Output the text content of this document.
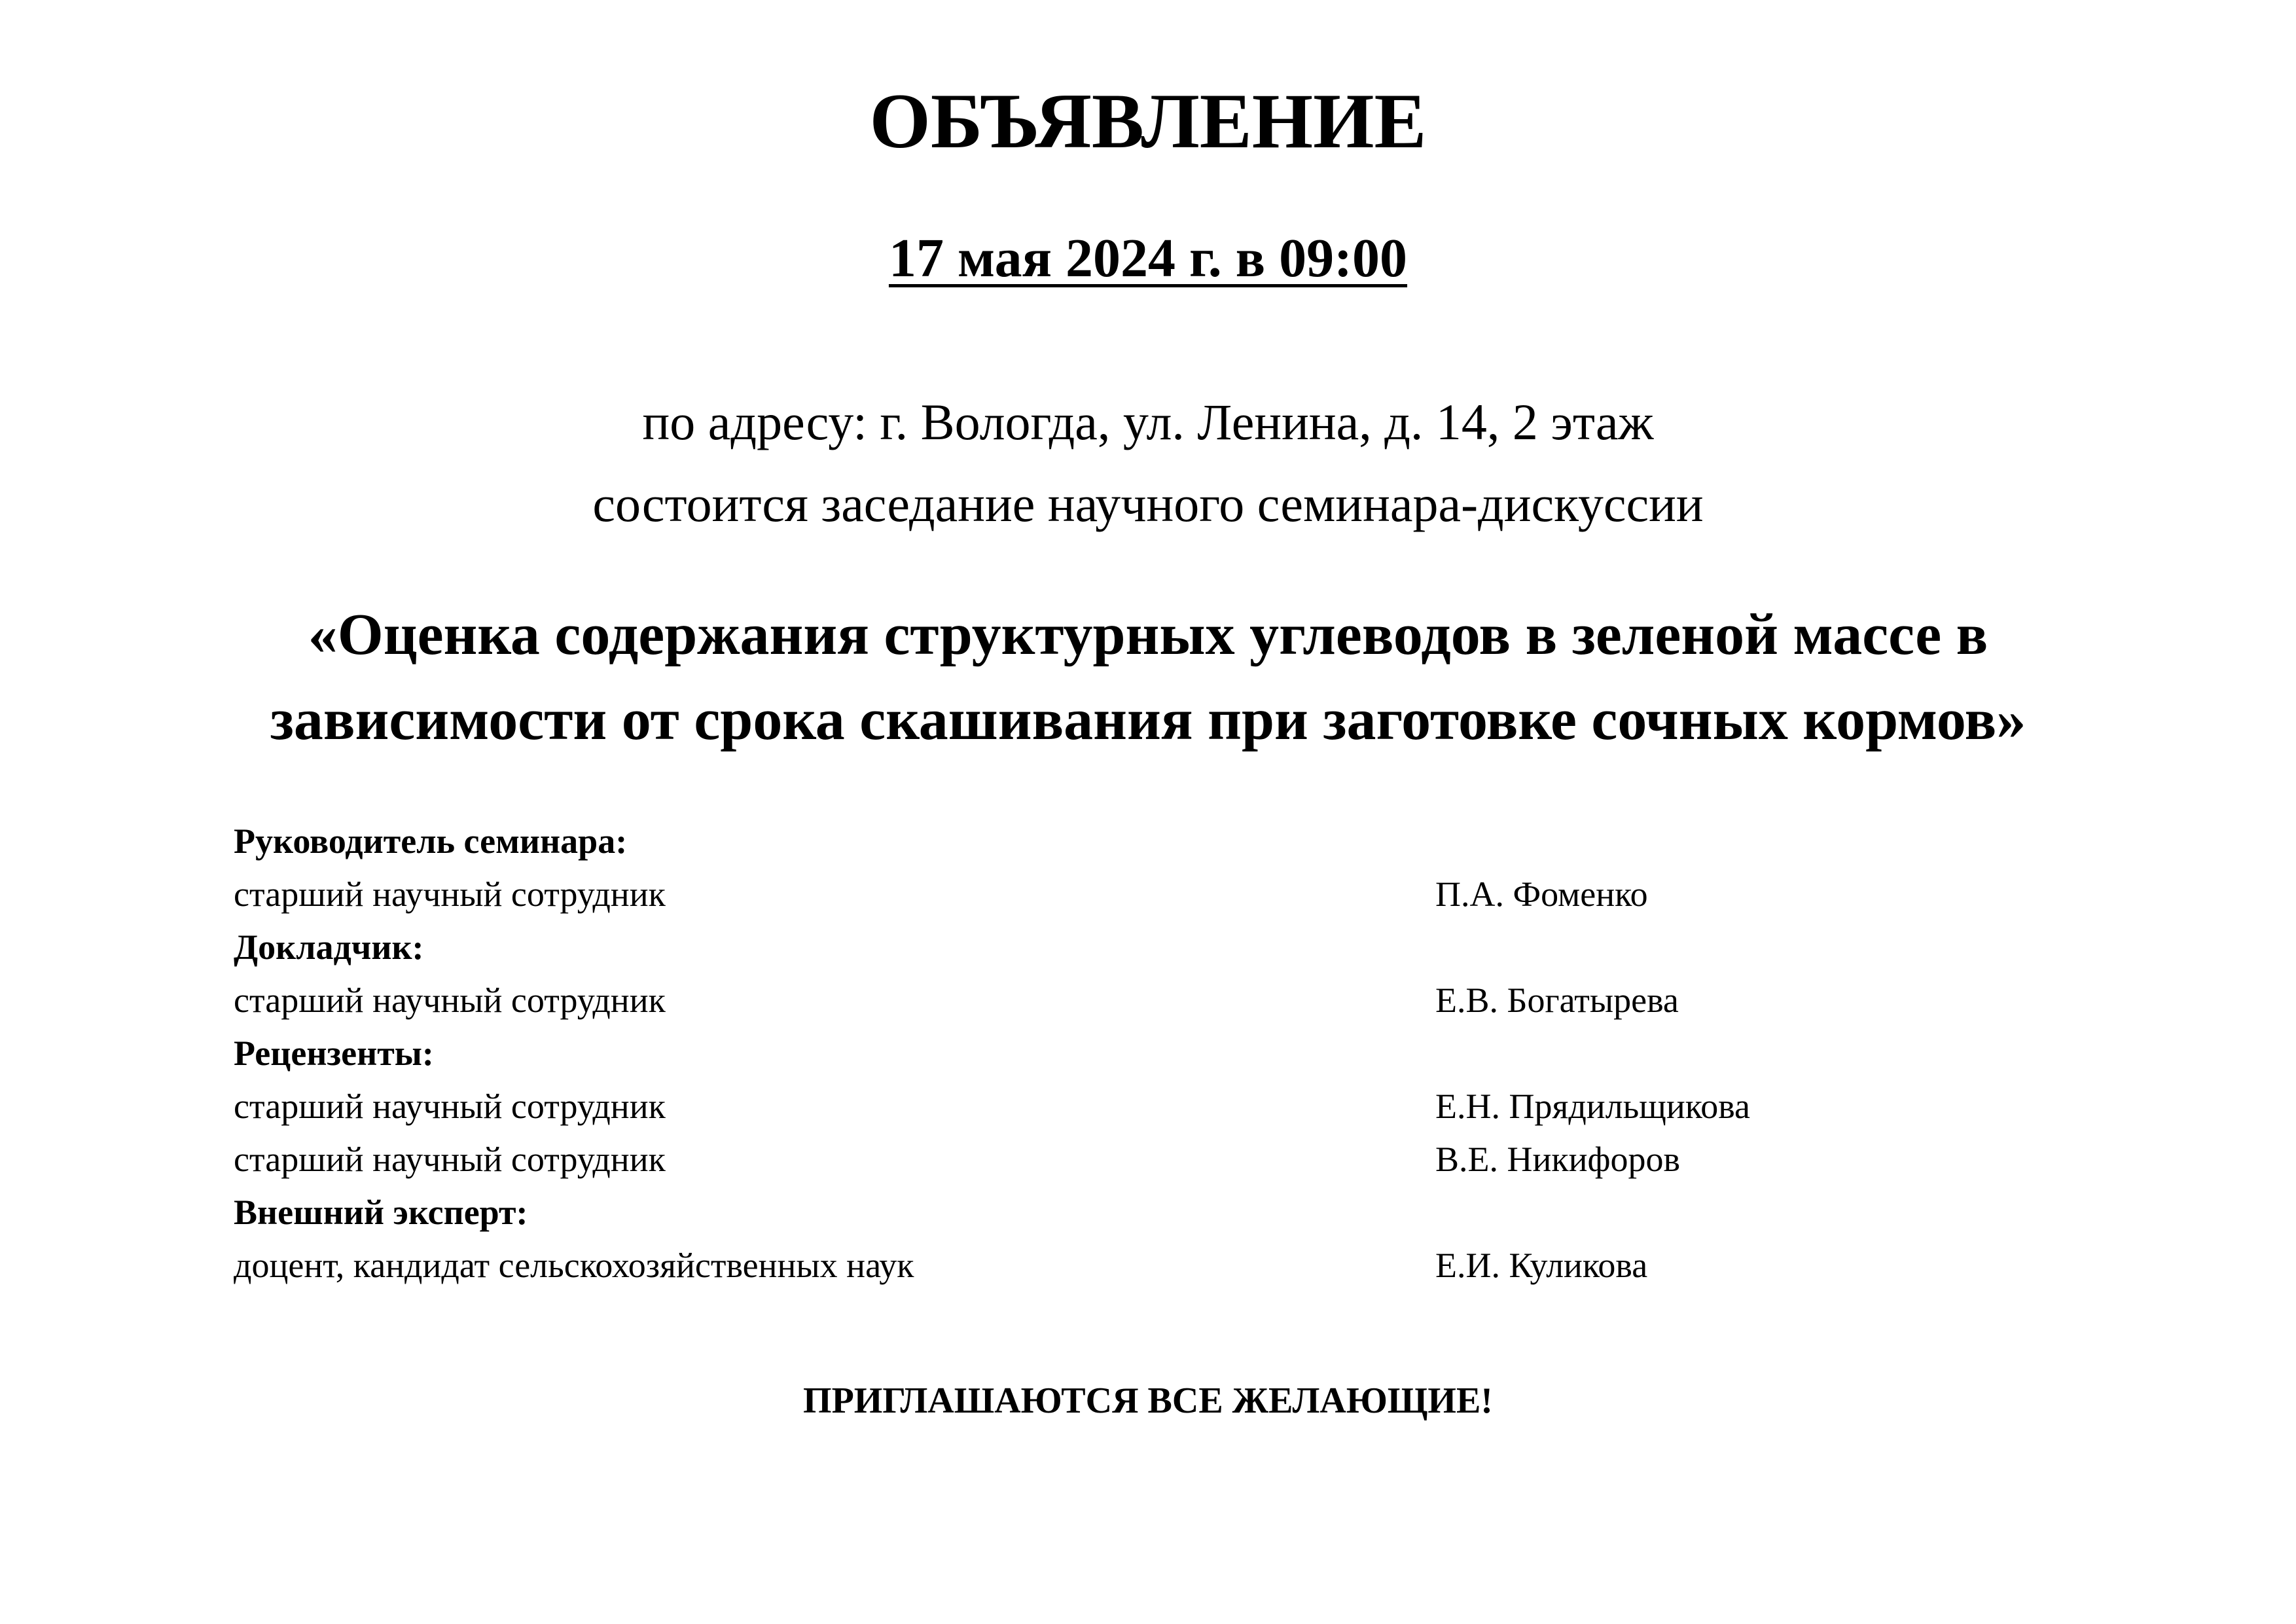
ОБЪЯВЛЕНИЕ
17 мая 2024 г. в 09:00
по адресу: г. Вологда, ул. Ленина, д. 14, 2 этаж
состоится заседание научного семинара-дискуссии
«Оценка содержания структурных углеводов в зеленой массе в
зависимости от срока скашивания при заготовке сочных кормов»
Руководитель семинара:
старший научный сотрудник	П.А. Фоменко
Докладчик:
старший научный сотрудник	Е.В. Богатырева
Рецензенты:
старший научный сотрудник	Е.Н. Прядильщикова
старший научный сотрудник	В.Е. Никифоров
Внешний эксперт:
доцент, кандидат сельскохозяйственных наук	Е.И. Куликова
ПРИГЛАШАЮТСЯ ВСЕ ЖЕЛАЮЩИЕ!
